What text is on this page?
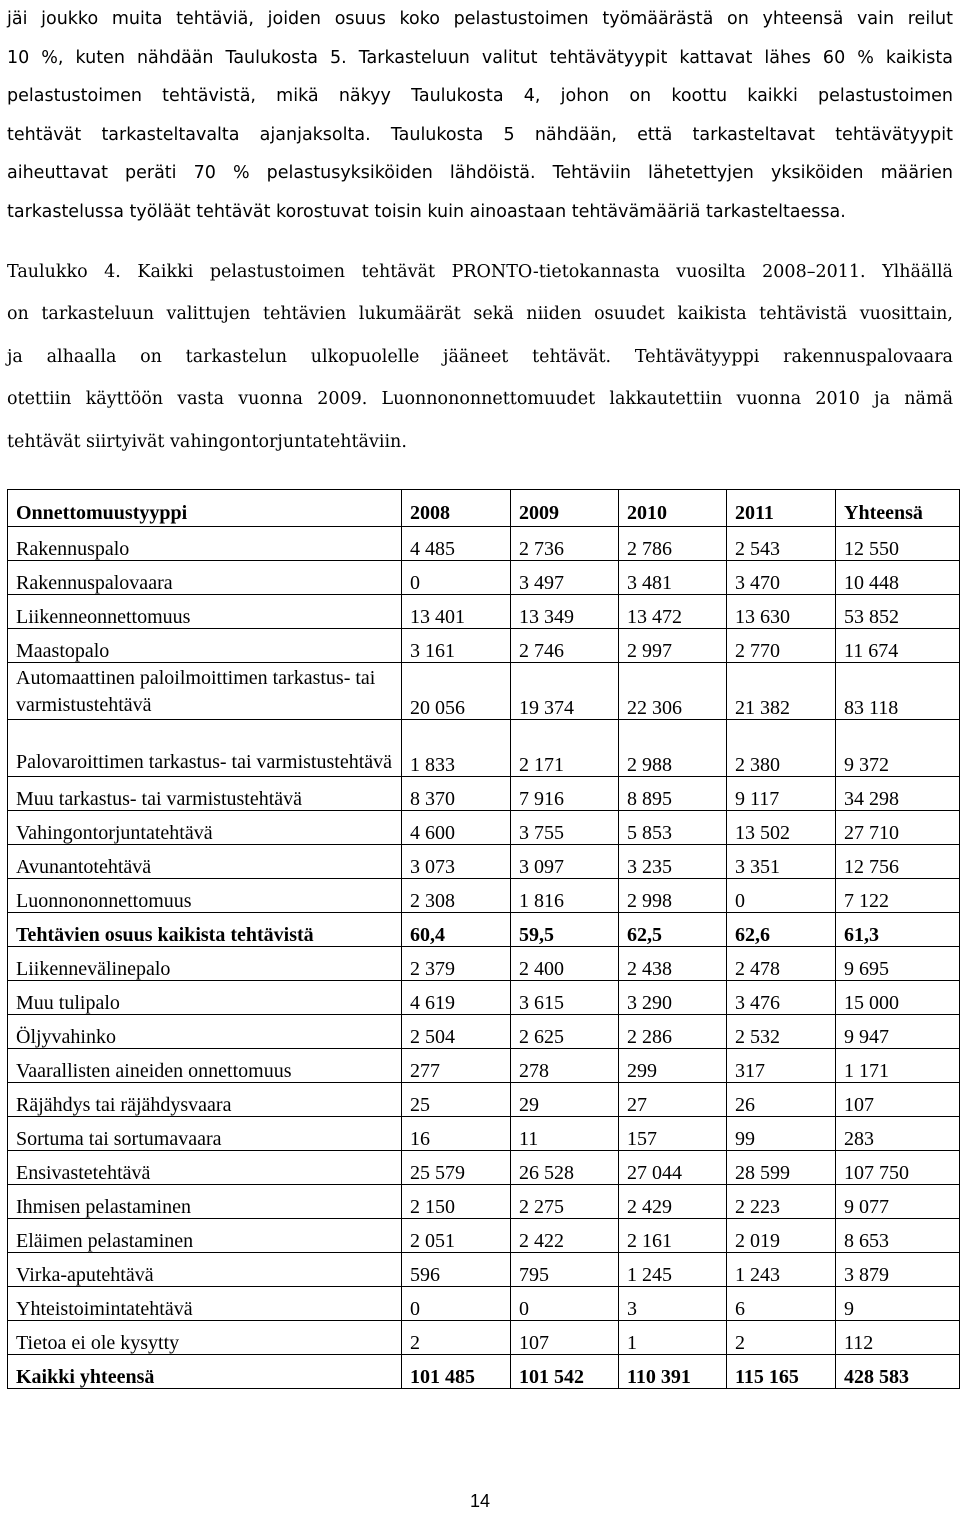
jäi joukko muita tehtäviä, joiden osuus koko pelastustoimen työmäärästä on yhteensä vain reilut
10 %, kuten nähdään Taulukosta 5. Tarkasteluun valitut tehtävätyypit kattavat lähes 60 % kaikista
pelastustoimen tehtävistä, mikä näkyy Taulukosta 4, johon on koottu kaikki pelastustoimen
tehtävät tarkasteltavalta ajanjaksolta. Taulukosta 5 nähdään, että tarkasteltavat tehtävätyypit
aiheuttavat peräti 70 % pelastusyksiköiden lähdöistä. Tehtäviin lähetettyjen yksiköiden määrien
tarkastelussa työläät tehtävät korostuvat toisin kuin ainoastaan tehtävämääriä tarkasteltaessa.
Taulukko 4. Kaikki pelastustoimen tehtävät PRONTO-tietokannasta vuosilta 2008–2011. Ylhäällä
on tarkasteluun valittujen tehtävien lukumäärät sekä niiden osuudet kaikista tehtävistä vuosittain,
ja alhaalla on tarkastelun ulkopuolelle jääneet tehtävät. Tehtävätyyppi rakennuspalovaara
otettiin käyttöön vasta vuonna 2009. Luonnononnettomuudet lakkautettiin vuonna 2010 ja nämä
tehtävät siirtyivät vahingontorjuntatehtäviin.
Onnettomuustyyppi	2008	2009	2010	2011	Yhteensä
Rakennuspalo	4 485	2 736	2 786	2 543	12 550
Rakennuspalovaara	0	3 497	3 481	3 470	10 448
Liikenneonnettomuus	13 401	13 349	13 472	13 630	53 852
Maastopalo	3 161	2 746	2 997	2 770	11 674
Automaattinen paloilmoittimen tarkastus- tai varmistustehtävä	20 056	19 374	22 306	21 382	83 118
Palovaroittimen tarkastus- tai varmistustehtävä	1 833	2 171	2 988	2 380	9 372
Muu tarkastus- tai varmistustehtävä	8 370	7 916	8 895	9 117	34 298
Vahingontorjuntatehtävä	4 600	3 755	5 853	13 502	27 710
Avunantotehtävä	3 073	3 097	3 235	3 351	12 756
Luonnononnettomuus	2 308	1 816	2 998	0	7 122
Tehtävien osuus kaikista tehtävistä	60,4	59,5	62,5	62,6	61,3
Liikennevälinepalo	2 379	2 400	2 438	2 478	9 695
Muu tulipalo	4 619	3 615	3 290	3 476	15 000
Öljyvahinko	2 504	2 625	2 286	2 532	9 947
Vaarallisten aineiden onnettomuus	277	278	299	317	1 171
Räjähdys tai räjähdysvaara	25	29	27	26	107
Sortuma tai sortumavaara	16	11	157	99	283
Ensivastetehtävä	25 579	26 528	27 044	28 599	107 750
Ihmisen pelastaminen	2 150	2 275	2 429	2 223	9 077
Eläimen pelastaminen	2 051	2 422	2 161	2 019	8 653
Virka-aputehtävä	596	795	1 245	1 243	3 879
Yhteistoimintatehtävä	0	0	3	6	9
Tietoa ei ole kysytty	2	107	1	2	112
Kaikki yhteensä	101 485	101 542	110 391	115 165	428 583
14
